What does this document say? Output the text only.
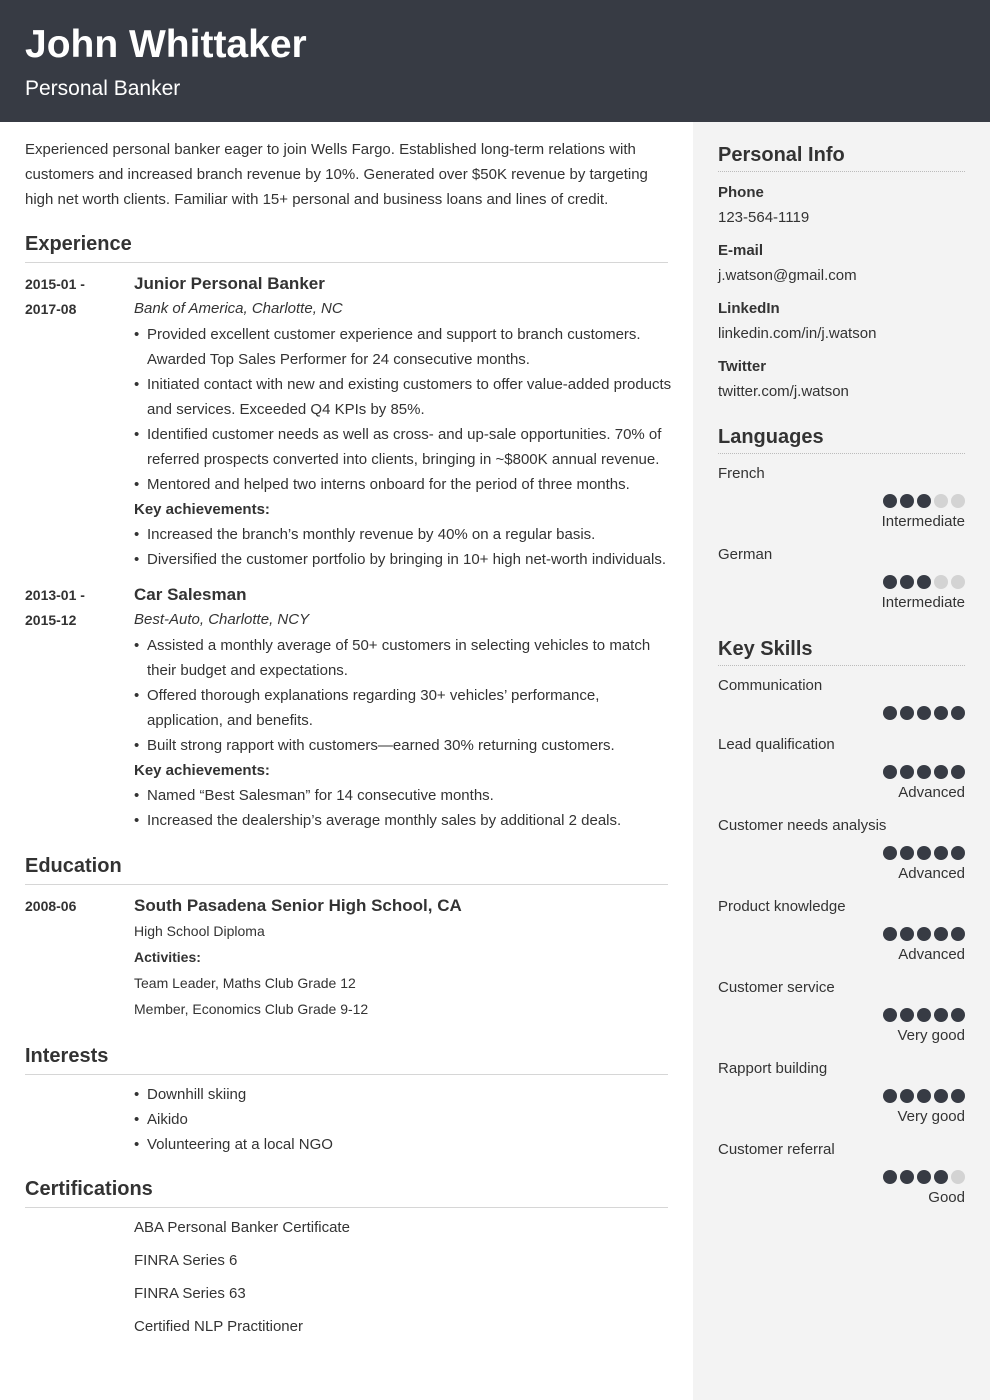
John Whittaker
Personal Banker
Personal Info
Phone
123-564-1119
E-mail
j.watson@gmail.com
LinkedIn
linkedin.com/in/j.watson
Twitter
twitter.com/j.watson
Languages
French
Intermediate
German
Intermediate
Key Skills
Communication
Lead qualification
Advanced
Customer needs analysis
Advanced
Product knowledge
Advanced
Customer service
Very good
Rapport building
Very good
Customer referral
Good
Experienced personal banker eager to join Wells Fargo. Established long-term relations with customers and increased branch revenue by 10%. Generated over $50K revenue by targeting high net worth clients. Familiar with 15+ personal and business loans and lines of credit.
Experience
2015-01 -
2017-08
Junior Personal Banker
Bank of America, Charlotte, NC
• Provided excellent customer experience and support to branch customers. Awarded Top Sales Performer for 24 consecutive months.
• Initiated contact with new and existing customers to offer value-added products and services. Exceeded Q4 KPIs by 85%.
• Identified customer needs as well as cross- and up-sale opportunities. 70% of referred prospects converted into clients, bringing in ~$800K annual revenue.
• Mentored and helped two interns onboard for the period of three months.
Key achievements:
• Increased the branch’s monthly revenue by 40% on a regular basis.
• Diversified the customer portfolio by bringing in 10+ high net-worth individuals.
2013-01 -
2015-12
Car Salesman
Best-Auto, Charlotte, NCY
• Assisted a monthly average of 50+ customers in selecting vehicles to match their budget and expectations.
• Offered thorough explanations regarding 30+ vehicles’ performance, application, and benefits.
• Built strong rapport with customers—earned 30% returning customers.
Key achievements:
• Named “Best Salesman” for 14 consecutive months.
• Increased the dealership’s average monthly sales by additional 2 deals.
Education
2008-06	South Pasadena Senior High School, CA
High School Diploma
Activities:
Team Leader, Maths Club Grade 12
Member, Economics Club Grade 9-12
Interests
• Downhill skiing
• Aikido
• Volunteering at a local NGO
Certifications
ABA Personal Banker Certificate
FINRA Series 6
FINRA Series 63
Certified NLP Practitioner
